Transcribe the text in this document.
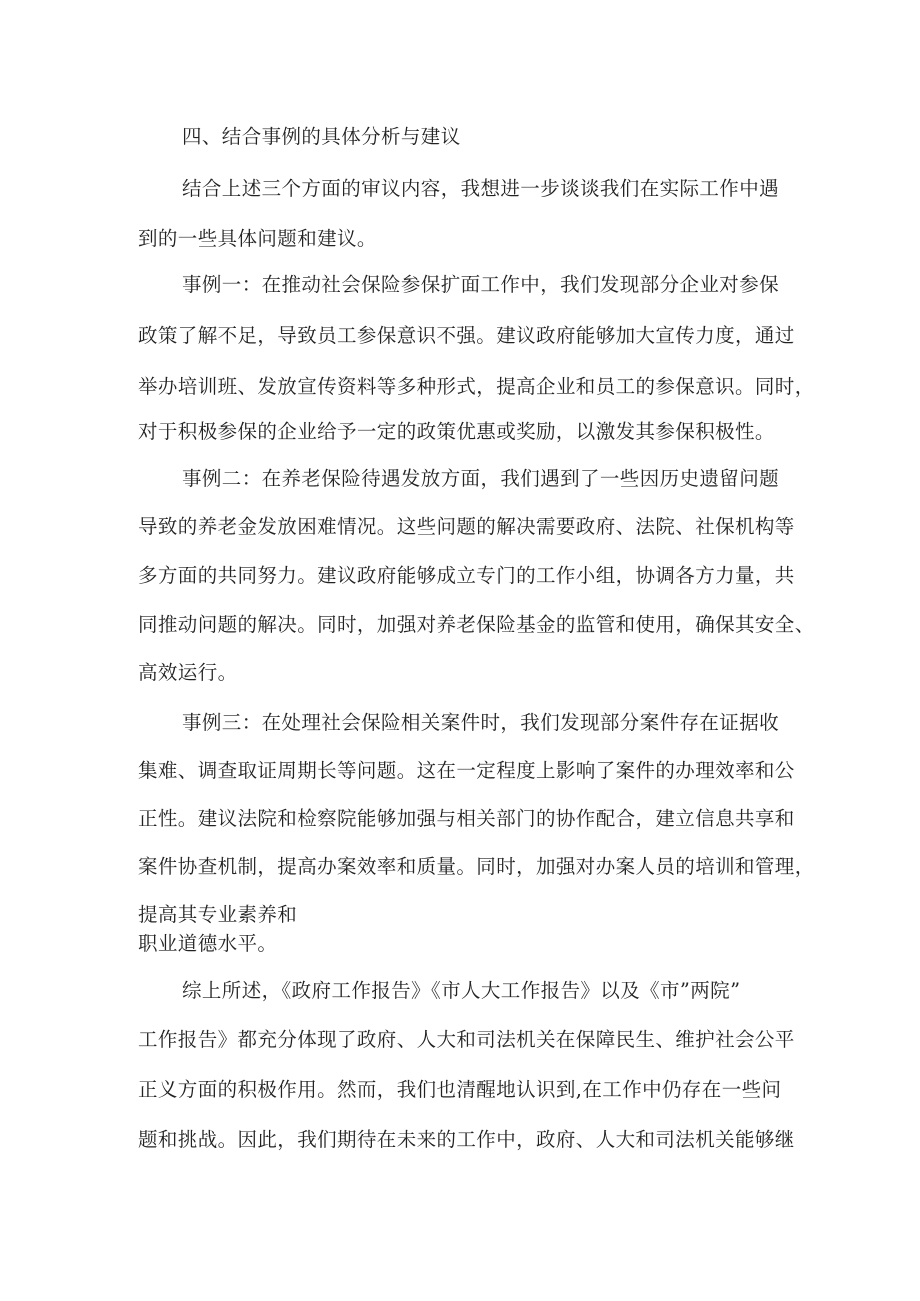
四、结合事例的具体分析与建议
结合上述三个方面的审议内容，我想进一步谈谈我们在实际工作中遇
到的一些具体问题和建议。
事例一：在推动社会保险参保扩面工作中，我们发现部分企业对参保
政策了解不足，导致员工参保意识不强。建议政府能够加大宣传力度，通过
举办培训班、发放宣传资料等多种形式，提高企业和员工的参保意识。同时，
对于积极参保的企业给予一定的政策优惠或奖励，以激发其参保积极性。
事例二：在养老保险待遇发放方面，我们遇到了一些因历史遗留问题
导致的养老金发放困难情况。这些问题的解决需要政府、法院、社保机构等
多方面的共同努力。建议政府能够成立专门的工作小组，协调各方力量，共
同推动问题的解决。同时，加强对养老保险基金的监管和使用，确保其安全、
高效运行。
事例三：在处理社会保险相关案件时，我们发现部分案件存在证据收
集难、调查取证周期长等问题。这在一定程度上影响了案件的办理效率和公
正性。建议法院和检察院能够加强与相关部门的协作配合，建立信息共享和
案件协查机制，提高办案效率和质量。同时，加强对办案人员的培训和管理，
提高其专业素养和
职业道德水平。
综上所述，《政府工作报告》《市人大工作报告》以及《市”两院”
工作报告》都充分体现了政府、人大和司法机关在保障民生、维护社会公平
正义方面的积极作用。然而，我们也清醒地认识到,在工作中仍存在一些问
题和挑战。因此，我们期待在未来的工作中，政府、人大和司法机关能够继
